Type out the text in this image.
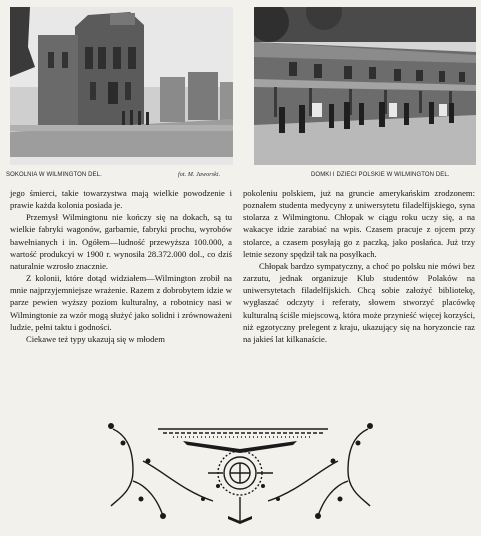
SOKOLNIA W WILMINGTON DEL.	fot. M. Jaworski.	DOMKI I DZIECI POLSKIE W WILMINGTON DEL.

jego śmierci, takie towarzystwa mają wielkie powodzenie i prawie każda kolonia posiada je.

Przemysł Wilmingtonu nie kończy się na dokach, są tu wielkie fabryki wagonów, garbarnie, fabryki prochu, wyrobów bawełnianych i in. Ogółem—ludność przewyższa 100.000, a wartość produkcyi w 1900 r. wynosiła 28.372.000 dol., co dziś naturalnie wzrosło znacznie.

Z kolonii, które dotąd widziałem—Wilmington zrobił na mnie najprzyjemniejsze wrażenie. Razem z dobrobytem idzie w parze pewien wyższy poziom kulturalny, a robotnicy nasi w Wilmingtonie za wzór mogą służyć jako solidni i zrównoważeni ludzie, pełni taktu i godności.

Ciekawe też typy ukazują się w młodem

pokoleniu polskiem, już na gruncie amerykańskim zrodzonem: poznałem studenta medycyny z uniwersytetu filadelfijskiego, syna stolarza z Wilmingtonu. Chłopak w ciągu roku uczy się, a na wakacye idzie zarabiać na wpis. Czasem pracuje z ojcem przy stolarce, a czasem posyłają go z paczką, jako posłańca. Już trzy letnie sezony spędził tak na posyłkach.

Chłopak bardzo sympatyczny, a choć po polsku nie mówi bez zarzutu, jednak organizuje Klub studentów Polaków na uniwersytetach filadelfijskich. Chcą sobie założyć bibliotekę, wygłaszać odczyty i referaty, słowem stworzyć placówkę kulturalną ściśle miejscową, która może przynieść więcej korzyści, niż egzotyczny prelegent z kraju, ukazujący się na horyzoncie raz na jakieś lat kilkanaście.
